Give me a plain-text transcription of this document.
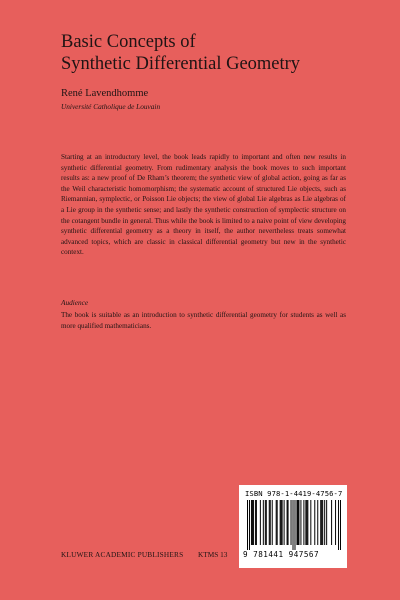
Basic Concepts of
Synthetic Differential Geometry
René Lavendhomme
Université Catholique de Louvain
Starting at an introductory level, the book leads rapidly to important and often new results in synthetic differential geometry. From rudimentary analysis the book moves to such important results as: a new proof of De Rham’s theorem; the synthetic view of global action, going as far as the Weil characteristic homomorphism; the systematic account of structured Lie objects, such as Riemannian, symplectic, or Poisson Lie objects; the view of global Lie algebras as Lie algebras of a Lie group in the synthetic sense; and lastly the synthetic construction of symplectic structure on the cotangent bundle in general. Thus while the book is limited to a naive point of view developing synthetic differential geometry as a theory in itself, the author nevertheless treats somewhat advanced topics, which are classic in classical differential geometry but new in the synthetic context.
Audience
The book is suitable as an introduction to synthetic differential geometry for students as well as more qualified mathematicians.
KLUWER ACADEMIC PUBLISHERS KTMS 13
ISBN 978-1-4419-4756-7
9 781441 947567
